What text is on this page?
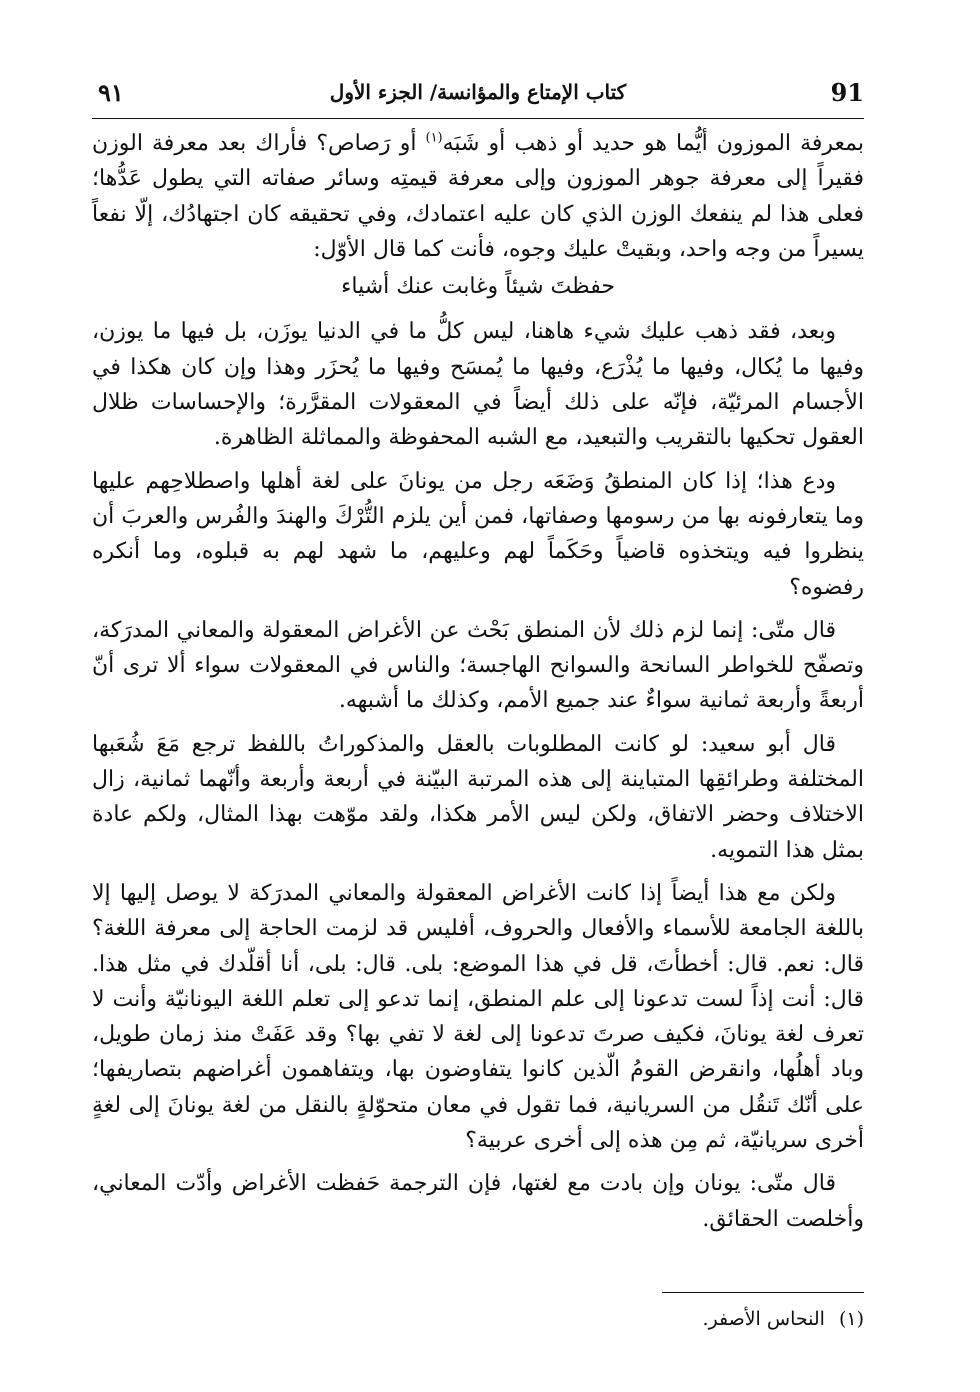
91
كتاب الإمتاع والمؤانسة/ الجزء الأول
٩١

بمعرفة الموزون أيُّما هو حديد أو ذهب أو شَبَه$^{(١)}$ أو رَصاص؟ فأراك بعد معرفة الوزن فقيراً إلى معرفة جوهر الموزون وإلى معرفة قيمتِه وسائر صفاته التي يطول عَدُّها؛ فعلى هذا لم ينفعك الوزن الذي كان عليه اعتمادك، وفي تحقيقه كان اجتهادُك، إلّا نفعاً يسيراً من وجه واحد، وبقيتْ عليك وجوه، فأنت كما قال الأوّل:

حفظتَ شيئاً وغابت عنك أشياء

وبعد، فقد ذهب عليك شيء هاهنا، ليس كلُّ ما في الدنيا يوزَن، بل فيها ما يوزن، وفيها ما يُكال، وفيها ما يُذْرَع، وفيها ما يُمسَح وفيها ما يُحزَر وهذا وإن كان هكذا في الأجسام المرئيّة، فإنّه على ذلك أيضاً في المعقولات المقرَّرة؛ والإحساسات ظلال العقول تحكيها بالتقريب والتبعيد، مع الشبه المحفوظة والمماثلة الظاهرة.

ودع هذا؛ إذا كان المنطقُ وَضَعَه رجل من يونانَ على لغة أهلها واصطلاحِهم عليها وما يتعارفونه بها من رسومها وصفاتها، فمن أين يلزم التُّرْكَ والهندَ والفُرس والعربَ أن ينظروا فيه ويتخذوه قاضياً وحَكَماً لهم وعليهم، ما شهد لهم به قبلوه، وما أنكره رفضوه؟

قال متّى: إنما لزم ذلك لأن المنطق بَحْث عن الأغراض المعقولة والمعاني المدرَكة، وتصفّح للخواطر السانحة والسوانح الهاجسة؛ والناس في المعقولات سواء ألا ترى أنّ أربعةً وأربعة ثمانية سواءٌ عند جميع الأمم، وكذلك ما أشبهه.

قال أبو سعيد: لو كانت المطلوبات بالعقل والمذكوراتُ باللفظ ترجع مَعَ شُعَبها المختلفة وطرائقِها المتباينة إلى هذه المرتبة البيّنة في أربعة وأربعة وأنّهما ثمانية، زال الاختلاف وحضر الاتفاق، ولكن ليس الأمر هكذا، ولقد موّهت بهذا المثال، ولكم عادة بمثل هذا التمويه.

ولكن مع هذا أيضاً إذا كانت الأغراض المعقولة والمعاني المدرَكة لا يوصل إليها إلا باللغة الجامعة للأسماء والأفعال والحروف، أفليس قد لزمت الحاجة إلى معرفة اللغة؟ قال: نعم. قال: أخطأتَ، قل في هذا الموضع: بلى. قال: بلى، أنا أقلّدك في مثل هذا. قال: أنت إذاً لست تدعونا إلى علم المنطق، إنما تدعو إلى تعلم اللغة اليونانيّة وأنت لا تعرف لغة يونانَ، فكيف صرتَ تدعونا إلى لغة لا تفي بها؟ وقد عَفَتْ منذ زمان طويل، وباد أهلُها، وانقرض القومُ الّذين كانوا يتفاوضون بها، ويتفاهمون أغراضهم بتصاريفها؛ على أنّك تَنقُل من السريانية، فما تقول في معان متحوّلةٍ بالنقل من لغة يونانَ إلى لغةٍ أخرى سريانيّة، ثم مِن هذه إلى أخرى عربية؟

قال متّى: يونان وإن بادت مع لغتها، فإن الترجمة حَفظت الأغراض وأدّت المعاني، وأخلصت الحقائق.

(١)النحاس الأصفر.
